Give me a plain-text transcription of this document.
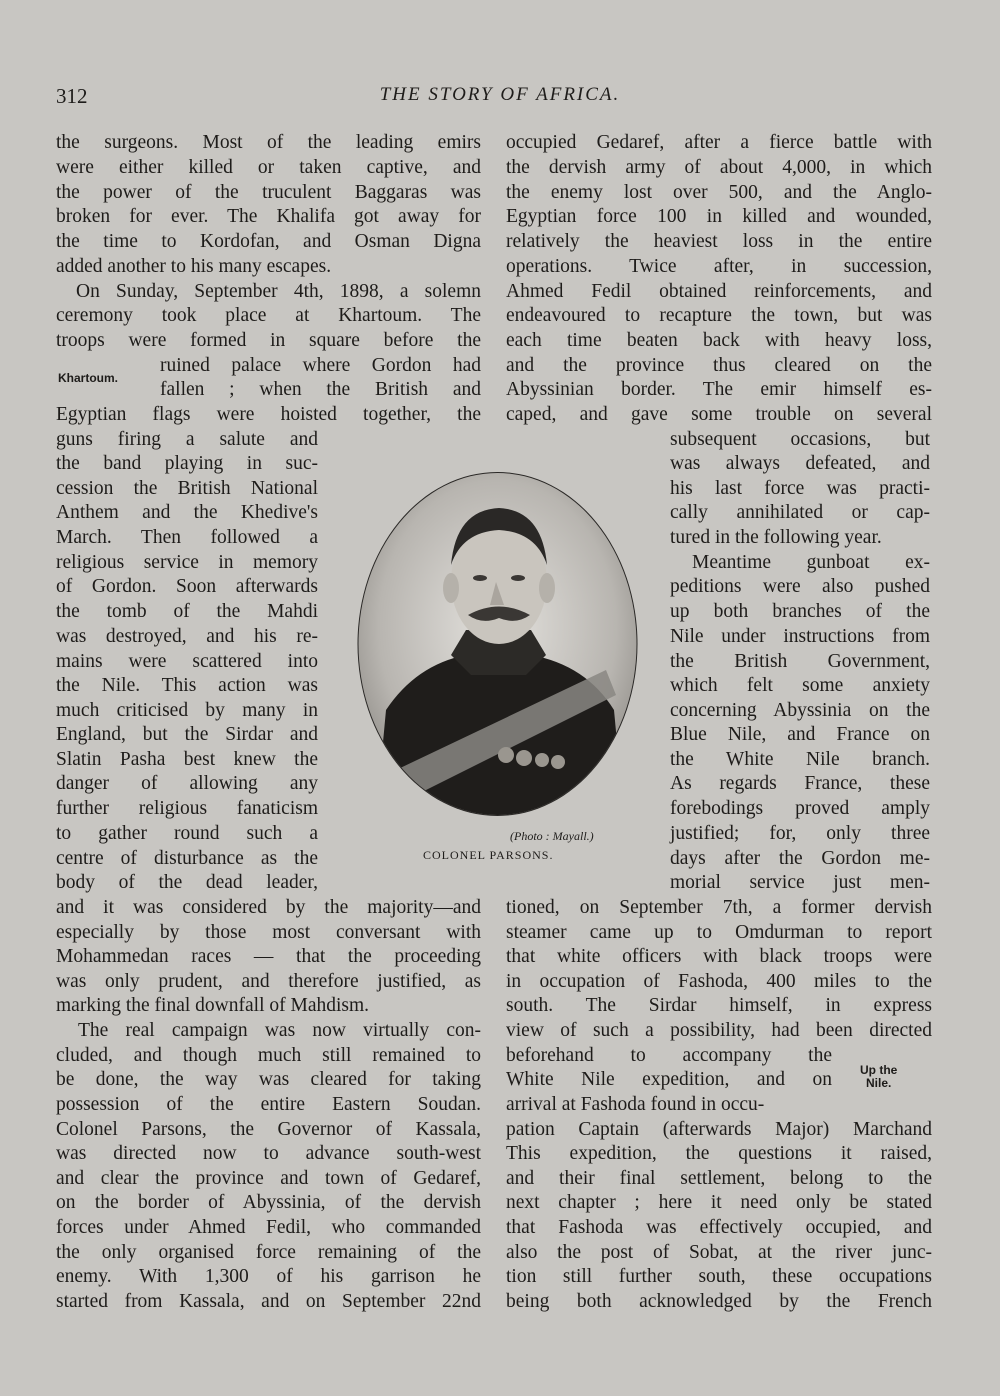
312	THE STORY OF AFRICA.
the surgeons. Most of the leading emirs
were either killed or taken captive, and
the power of the truculent Baggaras was
broken for ever. The Khalifa got away for
the time to Kordofan, and Osman Digna
added another to his many escapes.
On Sunday, September 4th, 1898, a solemn
ceremony took place at Khartoum. The
troops were formed in square before the
ruined palace where Gordon had
fallen ; when the British and
Egyptian flags were hoisted together, the
Khartoum.
guns firing a salute and
the band playing in suc-
cession the British National
Anthem and the Khedive's
March. Then followed a
religious service in memory
of Gordon. Soon afterwards
the tomb of the Mahdi
was destroyed, and his re-
mains were scattered into
the Nile. This action was
much criticised by many in
England, but the Sirdar and
Slatin Pasha best knew the
danger of allowing any
further religious fanaticism
to gather round such a
centre of disturbance as the
body of the dead leader,
and it was considered by the majority—and
especially by those most conversant with
Mohammedan races — that the proceeding
was only prudent, and therefore justified, as
marking the final downfall of Mahdism.
The real campaign was now virtually con-
cluded, and though much still remained to
be done, the way was cleared for taking
possession of the entire Eastern Soudan.
Colonel Parsons, the Governor of Kassala,
was directed now to advance south-west
and clear the province and town of Gedaref,
on the border of Abyssinia, of the dervish
forces under Ahmed Fedil, who commanded
the only organised force remaining of the
enemy. With 1,300 of his garrison he
started from Kassala, and on September 22nd
occupied Gedaref, after a fierce battle with
the dervish army of about 4,000, in which
the enemy lost over 500, and the Anglo-
Egyptian force 100 in killed and wounded,
relatively the heaviest loss in the entire
operations. Twice after, in succession,
Ahmed Fedil obtained reinforcements, and
endeavoured to recapture the town, but was
each time beaten back with heavy loss,
and the province thus cleared on the
Abyssinian border. The emir himself es-
caped, and gave some trouble on several
subsequent occasions, but
was always defeated, and
his last force was practi-
cally annihilated or cap-
tured in the following year.
Meantime gunboat ex-
peditions were also pushed
up both branches of the
Nile under instructions from
the British Government,
which felt some anxiety
concerning Abyssinia on the
Blue Nile, and France on
the White Nile branch.
As regards France, these
forebodings proved amply
justified; for, only three
days after the Gordon me-
morial service just men-
tioned, on September 7th, a former dervish
steamer came up to Omdurman to report
that white officers with black troops were
in occupation of Fashoda, 400 miles to the
south. The Sirdar himself, in express
view of such a possibility, had been directed
beforehand to accompany the
White Nile expedition, and on
arrival at Fashoda found in occu-
Up the
Nile.
pation Captain (afterwards Major) Marchand
This expedition, the questions it raised,
and their final settlement, belong to the
next chapter ; here it need only be stated
that Fashoda was effectively occupied, and
also the post of Sobat, at the river junc-
tion still further south, these occupations
being both acknowledged by the French
(Photo : Mayall.)
COLONEL PARSONS.
